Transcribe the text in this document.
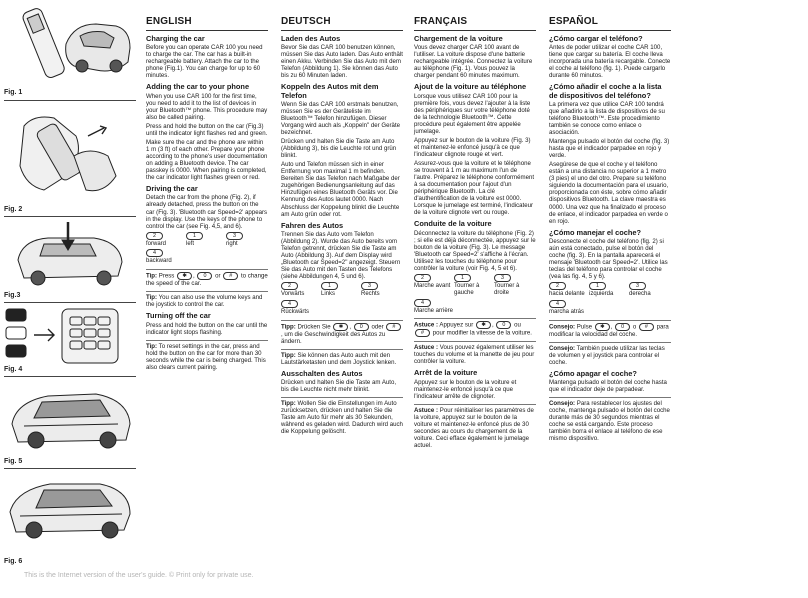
Fig. 1
Fig. 2
Fig.3
Fig. 4
Fig. 5
Fig. 6
ENGLISH
Charging the car

Before you can operate CAR 100 you need to charge the car. The car has a built-in rechargeable battery. Attach the car to the phone (Fig.1). You can charge for up to 60 minutes.

Adding the car to your phone

When you use CAR 100 for the first time, you need to add it to the list of devices in your Bluetooth™ phone. This procedure may also be called pairing.

Press and hold the button on the car (Fig.3) until the indicator light flashes red and green.

Make sure the car and the phone are within 1 m (3 ft) of each other. Prepare your phone according to the phone's user documentation on adding a Bluetooth device. The car passkey is 0000. When pairing is completed, the car indicator light flashes green or red.

Driving the car

Detach the car from the phone (Fig. 2), if already detached, press the button on the car (Fig. 3). 'Bluetooth car Speed=2' appears in the display. Use the keys of the phone to control the car (see Fig. 4,5, and 6).

2
forward
1
left
3
right
4
backward

Tip: Press ✱ , 0 or # to change the speed of the car.

Tip: You can also use the volume keys and the joystick to control the car.

Turning off the car

Press and hold the button on the car until the indicator light stops flashing.

Tip: To reset settings in the car, press and hold the button on the car for more than 30 seconds while the car is being charged. This also clears current pairing.

DEUTSCH
Laden des Autos

Bevor Sie das CAR 100 benutzen können, müssen Sie das Auto laden. Das Auto enthält einen Akku. Verbinden Sie das Auto mit dem Telefon (Abbildung 1). Sie können das Auto bis zu 60 Minuten laden.

Koppeln des Autos mit dem Telefon

Wenn Sie das CAR 100 erstmals benutzen, müssen Sie es der Geräteliste im Bluetooth™ Telefon hinzufügen. Dieser Vorgang wird auch als „Koppeln" der Geräte bezeichnet.

Drücken und halten Sie die Taste am Auto (Abbildung 3), bis die Leuchte rot und grün blinkt.

Auto und Telefon müssen sich in einer Entfernung von maximal 1 m befinden. Bereiten Sie das Telefon nach Maßgabe der zugehörigen Bedienungsanleitung auf das Hinzufügen eines Bluetooth Geräts vor. Die Kennung des Autos lautet 0000. Nach Abschluss der Koppelung blinkt die Leuchte am Auto grün oder rot.

Fahren des Autos

Trennen Sie das Auto vom Telefon (Abbildung 2). Wurde das Auto bereits vom Telefon getrennt, drücken Sie die Taste am Auto (Abbildung 3). Auf dem Display wird „Bluetooth car Speed=2" angezeigt. Steuern Sie das Auto mit den Tasten des Telefons (siehe Abbildungen 4, 5 und 6).

2
Vorwärts
1
Links
3
Rechts
4
Rückwärts

Tipp: Drücken Sie ✱ , 0 oder #, um die Geschwindigkeit des Autos zu ändern.

Tipp: Sie können das Auto auch mit den Lautstärketasten und dem Joystick lenken.

Ausschalten des Autos

Drücken und halten Sie die Taste am Auto, bis die Leuchte nicht mehr blinkt.

Tipp: Wollen Sie die Einstellungen im Auto zurücksetzen, drücken und halten Sie die Taste am Auto für mehr als 30 Sekunden, während es geladen wird. Dadurch wird auch die Koppelung gelöscht.

FRANÇAIS
Chargement de la voiture

Vous devez charger CAR 100 avant de l'utiliser. La voiture dispose d'une batterie rechargeable intégrée. Connectez la voiture au téléphone (Fig. 1). Vous pouvez la charger pendant 60 minutes maximum.

Ajout de la voiture au téléphone

Lorsque vous utilisez CAR 100 pour la première fois, vous devez l'ajouter à la liste des périphériques sur votre téléphone doté de la technologie Bluetooth™. Cette procédure peut également être appelée jumelage.

Appuyez sur le bouton de la voiture (Fig. 3) et maintenez-le enfoncé jusqu'à ce que l'indicateur clignote rouge et vert.

Assurez-vous que la voiture et le téléphone se trouvent à 1 m au maximum l'un de l'autre. Préparez le téléphone conformément à sa documentation pour l'ajout d'un périphérique Bluetooth. La clé d'authentification de la voiture est 0000. Lorsque le jumelage est terminé, l'indicateur de la voiture clignote vert ou rouge.

Conduite de la voiture

Déconnectez la voiture du téléphone (Fig. 2) ; si elle est déjà déconnectée, appuyez sur le bouton de la voiture (Fig. 3). Le message 'Bluetooth car Speed=2' s'affiche à l'écran. Utilisez les touches du téléphone pour contrôler la voiture (voir Fig. 4, 5 et 6).

2
Marche avant
1
Tourner à gauche
3
Tourner à droite
4
Marche arrière

Astuce : Appuyez sur ✱ , 0 ou # pour modifier la vitesse de la voiture.

Astuce : Vous pouvez également utiliser les touches du volume et la manette de jeu pour contrôler la voiture.

Arrêt de la voiture

Appuyez sur le bouton de la voiture et maintenez-le enfoncé jusqu'à ce que l'indicateur arrête de clignoter.

Astuce : Pour réinitialiser les paramètres de la voiture, appuyez sur le bouton de la voiture et maintenez-le enfoncé plus de 30 secondes au cours du chargement de la voiture. Ceci efface également le jumelage actuel.

ESPAÑOL
¿Cómo cargar el teléfono?

Antes de poder utilizar el coche CAR 100, tiene que cargar su batería. El coche lleva incorporada una batería recargable. Conecte el coche al teléfono (fig. 1). Puede cargarlo durante 60 minutos.

¿Cómo añadir el coche a la lista de dispositivos del teléfono?

La primera vez que utilice CAR 100 tendrá que añadirlo a la lista de dispositivos de su teléfono Bluetooth™. Este procedimiento también se conoce como enlace o asociación.

Mantenga pulsado el botón del coche (fig. 3) hasta que el indicador parpadee en rojo y verde.

Asegúrese de que el coche y el teléfono están a una distancia no superior a 1 metro (3 pies) el uno del otro. Prepare su teléfono siguiendo la documentación para el usuario, proporcionada con éste, sobre cómo añadir dispositivos Bluetooth. La clave maestra es 0000. Una vez que ha finalizado el proceso de enlace, el indicador parpadea en verde o en rojo.

¿Cómo manejar el coche?

Desconecte el coche del teléfono (fig. 2) si aún está conectado, pulse el botón del coche (fig. 3). En la pantalla aparecerá el mensaje 'Bluetooth car Speed=2'. Utilice las teclas del teléfono para controlar el coche (vea las fig. 4, 5 y 6).

2
hacia delante
1
izquierda
3
derecha
4
marcha atrás

Consejo: Pulse ✱ , 0 o # para modificar la velocidad del coche.

Consejo: También puede utilizar las teclas de volumen y el joystick para controlar el coche.

¿Cómo apagar el coche?

Mantenga pulsado el botón del coche hasta que el indicador deje de parpadear.

Consejo: Para restablecer los ajustes del coche, mantenga pulsado el botón del coche durante más de 30 segundos mientras el coche se está cargando. Este proceso también borra el enlace al teléfono de ese mismo dispositivo.

This is the Internet version of the user's guide. © Print only for private use.
